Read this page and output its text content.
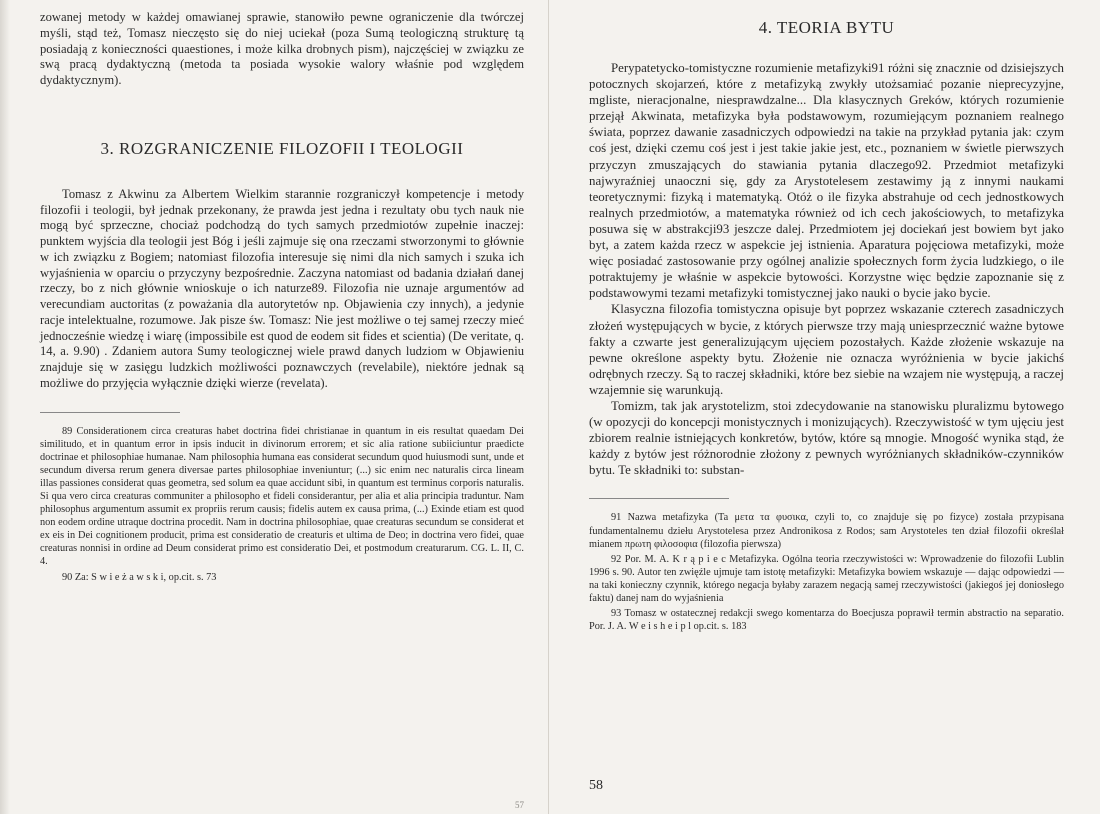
zowanej metody w każdej omawianej sprawie, stanowiło pewne ograniczenie dla twórczej myśli, stąd też, Tomasz nieczęsto się do niej uciekał (poza Sumą teologiczną strukturę tą posiadają z konieczności quaestiones, i może kilka drobnych pism), najczęściej w związku ze swą pracą dydaktyczną (metoda ta posiada wysokie walory właśnie pod względem dydaktycznym).

3. ROZGRANICZENIE FILOZOFII I TEOLOGII

Tomasz z Akwinu za Albertem Wielkim starannie rozgraniczył kompetencje i metody filozofii i teologii, był jednak przekonany, że prawda jest jedna i rezultaty obu tych nauk nie mogą być sprzeczne, chociaż podchodzą do tych samych przedmiotów zupełnie inaczej: punktem wyjścia dla teologii jest Bóg i jeśli zajmuje się ona rzeczami stworzonymi to głównie w ich związku z Bogiem; natomiast filozofia interesuje się nimi dla nich samych i szuka ich wyjaśnienia w oparciu o przyczyny bezpośrednie. Zaczyna natomiast od badania działań danej rzeczy, bo z nich głównie wnioskuje o ich naturze89. Filozofia nie uznaje argumentów ad verecundiam auctoritas (z poważania dla autorytetów np. Objawienia czy innych), a jedynie racje intelektualne, rozumowe. Jak pisze św. Tomasz: Nie jest możliwe o tej samej rzeczy mieć jednocześnie wiedzę i wiarę (impossibile est quod de eodem sit fides et scientia) (De veritate, q. 14, a. 9.90) . Zdaniem autora Sumy teologicznej wiele prawd danych ludziom w Objawieniu znajduje się w zasięgu ludzkich możliwości poznawczych (revelabile), niektóre jednak są możliwe do przyjęcia wyłącznie dzięki wierze (revelata).

89 Considerationem circa creaturas habet doctrina fidei christianae in quantum in eis resultat quaedam Dei similitudo, et in quantum error in ipsis inducit in divinorum errorem; et sic alia ratione subiiciuntur praedicte doctrinae et philosophiae humanae. Nam philosophia humana eas considerat secundum quod huiusmodi sunt, unde et secundum diversa rerum genera diversae partes philosophiae inveniuntur; (...) sic enim nec naturalis circa lineam illas passiones considerat quas geometra, sed solum ea quae accidunt sibi, in quantum est terminus corporis naturalis. Si qua vero circa creaturas communiter a philosopho et fideli considerantur, per alia et alia principia traduntur. Nam philosophus argumentum assumit ex propriis rerum causis; fidelis autem ex causa prima, (...) Exinde etiam est quod non eodem ordine utraque doctrina procedit. Nam in doctrina philosophiae, quae creaturas secundum se considerat et ex eis in Dei cognitionem producit, prima est consideratio de creaturis et ultima de Deo; in doctrina vero fidei, quae creaturas nonnisi in ordine ad Deum considerat primo est consideratio Dei, et postmodum creaturarum. CG. L. II, C. 4.

90 Za: S w i e ż a w s k i, op.cit. s. 73

57
4. TEORIA BYTU

Perypatetycko-tomistyczne rozumienie metafizyki91 różni się znacznie od dzisiejszych potocznych skojarzeń, które z metafizyką zwykły utożsamiać pozanie nieprecyzyjne, mgliste, nieracjonalne, niesprawdzalne... Dla klasycznych Greków, których rozumienie przejął Akwinata, metafizyka była podstawowym, rozumiejącym poznaniem realnego świata, poprzez dawanie zasadniczych odpowiedzi na takie na przykład pytania jak: czym coś jest, dzięki czemu coś jest i jest takie jakie jest, etc., poznaniem w świetle pierwszych przyczyn zmuszających do stawiania pytania dlaczego92. Przedmiot metafizyki najwyraźniej unaoczni się, gdy za Arystotelesem zestawimy ją z innymi naukami teoretycznymi: fizyką i matematyką. Otóż o ile fizyka abstrahuje od cech jednostkowych realnych przedmiotów, a matematyka również od ich cech jakościowych, to metafizyka posuwa się w abstrakcji93 jeszcze dalej. Przedmiotem jej dociekań jest bowiem byt jako byt, a zatem każda rzecz w aspekcie jej istnienia. Aparatura pojęciowa metafizyki, może więc posiadać zastosowanie przy ogólnej analizie społecznych form życia ludzkiego, o ile potraktujemy je właśnie w aspekcie bytowości. Korzystne więc będzie zapoznanie się z podstawowymi tezami metafizyki tomistycznej jako nauki o bycie jako bycie.

Klasyczna filozofia tomistyczna opisuje byt poprzez wskazanie czterech zasadniczych złożeń występujących w bycie, z których pierwsze trzy mają uniesprzecznić ważne bytowe fakty a czwarte jest generalizującym ujęciem pozostałych. Każde złożenie wskazuje na pewne określone aspekty bytu. Złożenie nie oznacza wyróżnienia w bycie jakichś odrębnych rzeczy. Są to raczej składniki, które bez siebie na wzajem nie występują, a raczej wzajemnie się warunkują.

Tomizm, tak jak arystotelizm, stoi zdecydowanie na stanowisku pluralizmu bytowego (w opozycji do koncepcji monistycznych i monizujących). Rzeczywistość w tym ujęciu jest zbiorem realnie istniejących konkretów, bytów, które są mnogie. Mnogość wynika stąd, że każdy z bytów jest różnorodnie złożony z pewnych wyróżnianych składników-czynników bytu. Te składniki to: substan-

91 Nazwa metafizyka (Ta μετα τα φυσικα, czyli to, co znajduje się po fizyce) została przypisana fundamentalnemu dziełu Arystotelesa przez Andronikosa z Rodos; sam Arystoteles ten dział filozofii określał mianem πρωτη φιλοσοφια (filozofia pierwsza)

92 Por. M. A. K r ą p i e c Metafizyka. Ogólna teoria rzeczywistości w: Wprowadzenie do filozofii Lublin 1996 s. 90. Autor ten zwięźle ujmuje tam istotę metafizyki: Metafizyka bowiem wskazuje — dając odpowiedzi — na taki konieczny czynnik, którego negacja byłaby zarazem negacją samej rzeczywistości (jakiegoś jej doniosłego faktu) danej nam do wyjaśnienia

93 Tomasz w ostatecznej redakcji swego komentarza do Boecjusza poprawił termin abstractio na separatio. Por. J. A. W e i s h e i p l op.cit. s. 183

58
